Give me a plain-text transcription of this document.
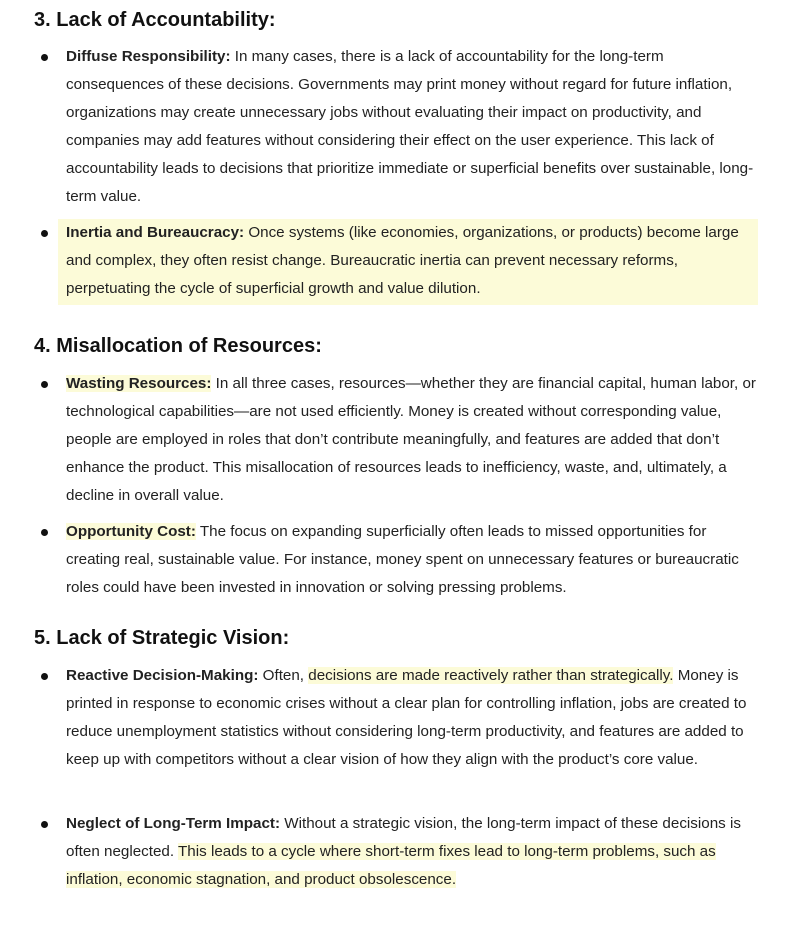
3. Lack of Accountability:

Diffuse Responsibility: In many cases, there is a lack of accountability for the long-term consequences of these decisions. Governments may print money without regard for future inflation, organizations may create unnecessary jobs without evaluating their impact on productivity, and companies may add features without considering their effect on the user experience. This lack of accountability leads to decisions that prioritize immediate or superficial benefits over sustainable, long-term value.

Inertia and Bureaucracy: Once systems (like economies, organizations, or products) become large and complex, they often resist change. Bureaucratic inertia can prevent necessary reforms, perpetuating the cycle of superficial growth and value dilution.

4. Misallocation of Resources:

Wasting Resources: In all three cases, resources—whether they are financial capital, human labor, or technological capabilities—are not used efficiently. Money is created without corresponding value, people are employed in roles that don’t contribute meaningfully, and features are added that don’t enhance the product. This misallocation of resources leads to inefficiency, waste, and, ultimately, a decline in overall value.

Opportunity Cost: The focus on expanding superficially often leads to missed opportunities for creating real, sustainable value. For instance, money spent on unnecessary features or bureaucratic roles could have been invested in innovation or solving pressing problems.

5. Lack of Strategic Vision:

Reactive Decision-Making: Often, decisions are made reactively rather than strategically. Money is printed in response to economic crises without a clear plan for controlling inflation, jobs are created to reduce unemployment statistics without considering long-term productivity, and features are added to keep up with competitors without a clear vision of how they align with the product’s core value.

Neglect of Long-Term Impact: Without a strategic vision, the long-term impact of these decisions is often neglected. This leads to a cycle where short-term fixes lead to long-term problems, such as inflation, economic stagnation, and product obsolescence.
